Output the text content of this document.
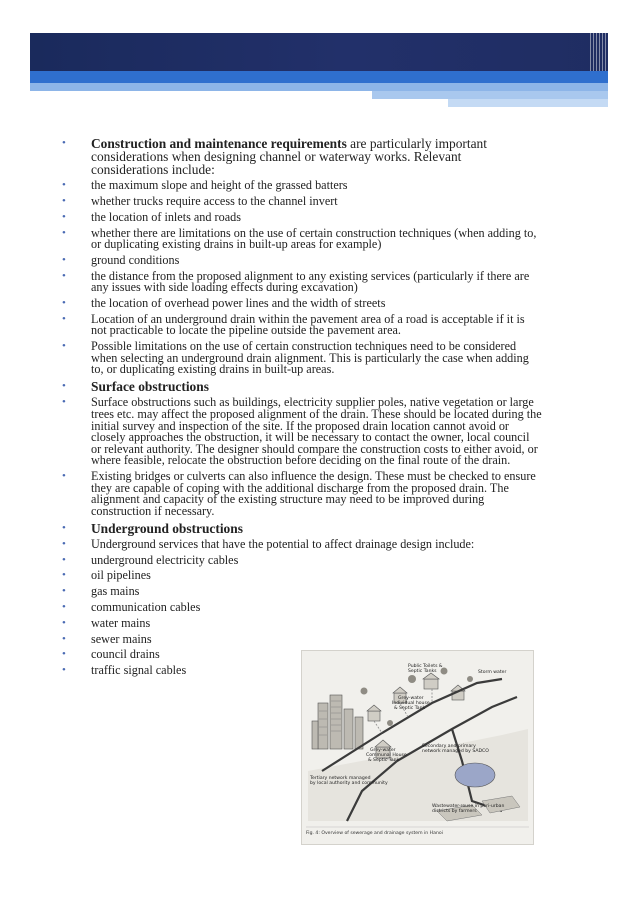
• Construction and maintenance requirements are particularly important considerations when designing channel or waterway works. Relevant considerations include:
• the maximum slope and height of the grassed batters
• whether trucks require access to the channel invert
• the location of inlets and roads
• whether there are limitations on the use of certain construction techniques (when adding to, or duplicating existing drains in built-up areas for example)
• ground conditions
• the distance from the proposed alignment to any existing services (particularly if there are any issues with side loading effects during excavation)
• the location of overhead power lines and the width of streets
• Location of an underground drain within the pavement area of a road is acceptable if it is not practicable to locate the pipeline outside the pavement area.
• Possible limitations on the use of certain construction techniques need to be considered when selecting an underground drain alignment. This is particularly the case when adding to, or duplicating existing drains in built-up areas.
• Surface obstructions
• Surface obstructions such as buildings, electricity supplier poles, native vegetation or large trees etc. may affect the proposed alignment of the drain. These should be located during the initial survey and inspection of the site. If the proposed drain location cannot avoid or closely approaches the obstruction, it will be necessary to contact the owner, local council or relevant authority. The designer should compare the construction costs to either avoid, or where feasible, relocate the obstruction before deciding on the final route of the drain.
• Existing bridges or culverts can also influence the design. These must be checked to ensure they are capable of coping with the additional discharge from the proposed drain. The alignment and capacity of the existing structure may need to be improved during construction if necessary.
• Underground obstructions
• Underground services that have the potential to affect drainage design include:
• underground electricity cables
• oil pipelines
• gas mains
• communication cables
• water mains
• sewer mains
• council drains
• traffic signal cables	Public Toilets &
Septic Tanks	Storm water
Grey-water
Individual house
& Septic Tank
Grey-water
Communal House
& Septic Tank
Secondary and primary
network managed by SADCO
Tertiary network managed
by local authority and community
Wastewater-reuse in peri-urban
districts by farmers
Fig. 4: Overview of sewerage and drainage system in Hanoi
